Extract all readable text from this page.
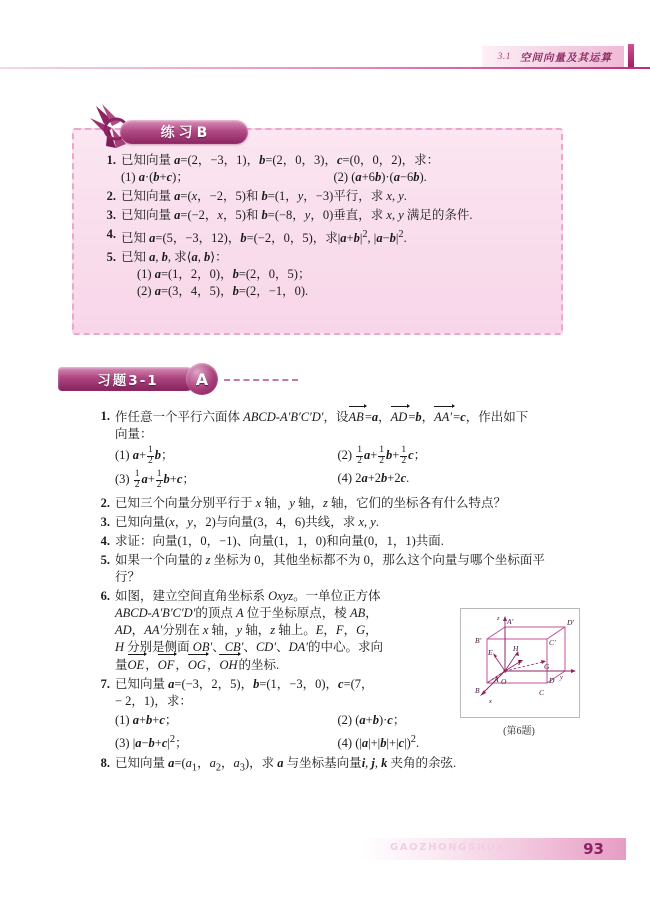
3.1 空间向量及其运算
练习B
1. 已知向量 a=(2，−3，1)，b=(2，0，3)，c=(0，0，2)，求：
(1) a·(b+c)；	(2) (a+6b)·(a−6b).
2. 已知向量 a=(x，−2，5)和 b=(1，y，−3)平行，求 x, y.
3. 已知向量 a=(−2，x，5)和 b=(−8，y，0)垂直，求 x, y 满足的条件.
4. 已知 a=(5，−3，12)，b=(−2，0，5)，求$|a+b|^2$, $|a-b|^2$.
5. 已知 a, b, 求⟨a, b⟩：
(1) a=(1，2，0)，b=(2，0，5)；
(2) a=(3，4，5)，b=(2，−1，0).
习题3-1	A
1. 作任意一个平行六面体 ABCD-A′B′C′D′，设AB=a，AD=b，AA′=c，作出如下
向量：
(1) $a+ \frac{1}{2}$ b；	$(2) \frac{1}{2} a+ \frac{1}{2} b+ \frac{1}{2}$ c；
$(3) \frac{1}{2} a+ \frac{1}{2} b+c$；	(4) 2a+2b+2c.
2. 已知三个向量分别平行于 x 轴，y 轴，z 轴，它们的坐标各有什么特点？
3. 已知向量(x，y，2)与向量(3，4，6)共线，求 x, y.
4. 求证：向量(1，0，−1)、向量(1，1，0)和向量(0，1，1)共面.
5. 如果一个向量的 z 坐标为 0，其他坐标都不为 0，那么这个向量与哪个坐标面平行？
6. 如图，建立空间直角坐标系 Oxyz。一单位正方体
ABCD-A′B′C′D′的顶点 A 位于坐标原点，棱 AB，
AD，AA′分别在 x 轴，y 轴，z 轴上。E，F，G，
H 分别是侧面 OB′、CB′、CD′、DA′的中心。求向
量OE，OF，OG，OH的坐标.
7. 已知向量 a=(−3，2，5)，b=(1，−3，0)，c=(7，
− 2，1)，求：
(1) a+b+c；	(2) (a+b)·c；
(3) $|a-b+c|^2$；	(4) $(|a|+|b|+|c|)^2$.
8. 已知向量 $a=(a_1$，$a_2$，$a_3$)，求 a 与坐标基向量i, j, k 夹角的余弦.
A′
z
B′	C′
D′
A O
B
x
C
D y
E
F	G
H
(第6题)
GAOZHONGSHUXUE	93
